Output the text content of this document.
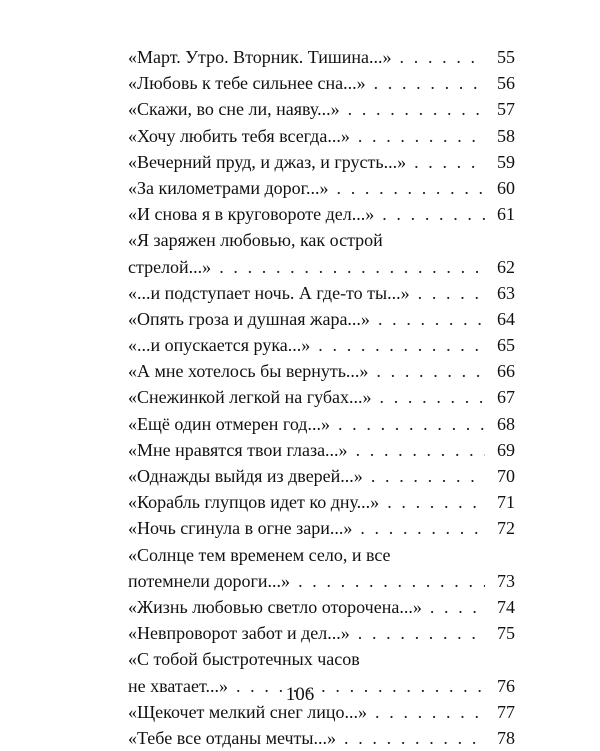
«Март. Утро. Вторник. Тишина...» . . .	55
«Любовь к тебе сильнее сна...» . . .	56
«Скажи, во сне ли, наяву...» . . .	57
«Хочу любить тебя всегда...» . . .	58
«Вечерний пруд, и джаз, и грусть...» . . .	59
«За километрами дорог...» . . .	60
«И снова я в круговороте дел...» . . .	61
«Я заряжен любовью, как острой
стрелой...» . . .	62
«...и подступает ночь. А где-то ты...» . . .	63
«Опять гроза и душная жара...» . . .	64
«...и опускается рука...» . . .	65
«А мне хотелось бы вернуть...» . . .	66
«Снежинкой легкой на губах...» . . .	67
«Ещё один отмерен год...» . . .	68
«Мне нравятся твои глаза...» . . .	69
«Однажды выйдя из дверей...» . . .	70
«Корабль глупцов идет ко дну...» . . .	71
«Ночь сгинула в огне зари...» . . .	72
«Солнце тем временем село, и все
потемнели дороги...» . . .	73
«Жизнь любовью светло оторочена...» . . .	74
«Невпроворот забот и дел...» . . .	75
«С тобой быстротечных часов
не хватает...» . . .	76
«Щекочет мелкий снег лицо...» . . .	77
«Тебе все отданы мечты...» . . .	78
106
